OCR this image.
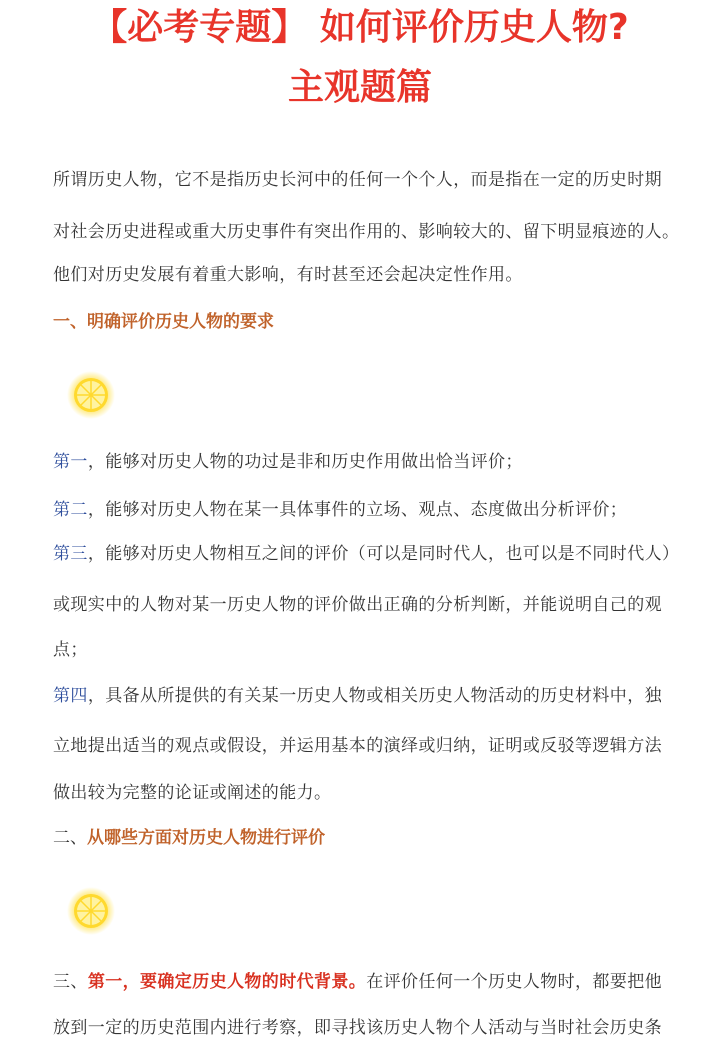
【必考专题】 如何评价历史人物?
主观题篇
所谓历史人物，它不是指历史长河中的任何一个个人，而是指在一定的历史时期
对社会历史进程或重大历史事件有突出作用的、影响较大的、留下明显痕迹的人。
他们对历史发展有着重大影响，有时甚至还会起决定性作用。
一、明确评价历史人物的要求
第一，能够对历史人物的功过是非和历史作用做出恰当评价；
第二，能够对历史人物在某一具体事件的立场、观点、态度做出分析评价；
第三，能够对历史人物相互之间的评价（可以是同时代人，也可以是不同时代人）
或现实中的人物对某一历史人物的评价做出正确的分析判断，并能说明自己的观
点；
第四，具备从所提供的有关某一历史人物或相关历史人物活动的历史材料中，独
立地提出适当的观点或假设，并运用基本的演绎或归纳，证明或反驳等逻辑方法
做出较为完整的论证或阐述的能力。
二、从哪些方面对历史人物进行评价
三、第一，要确定历史人物的时代背景。在评价任何一个历史人物时，都要把他
放到一定的历史范围内进行考察，即寻找该历史人物个人活动与当时社会历史条
